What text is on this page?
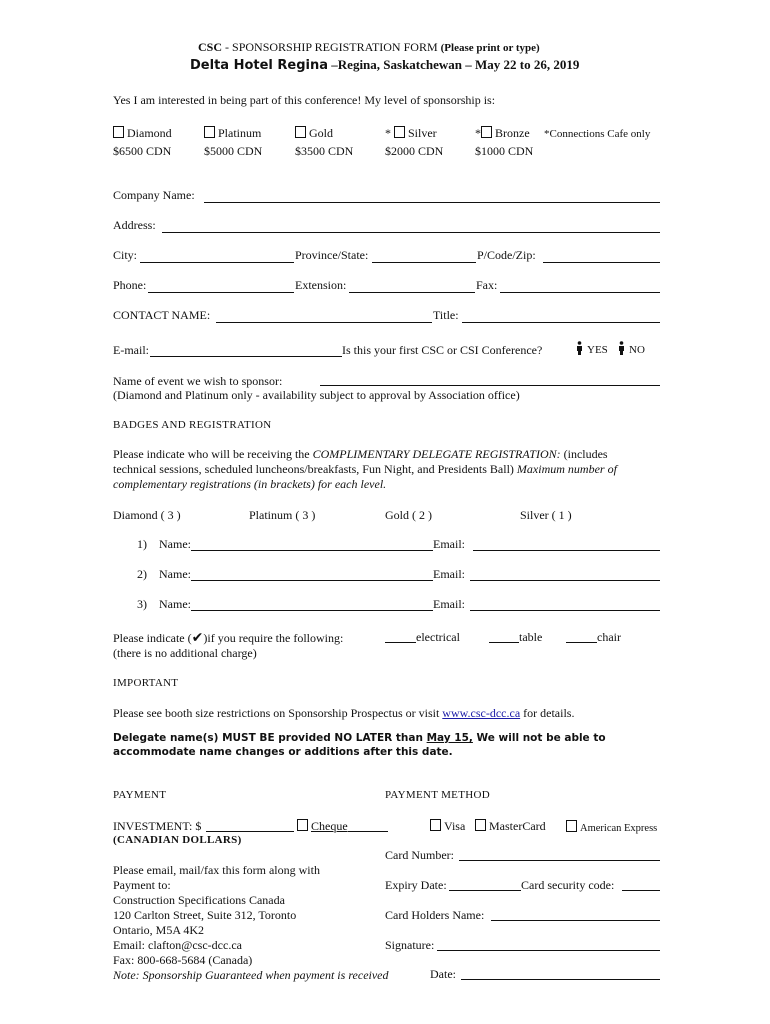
CSC - SPONSORSHIP REGISTRATION FORM (Please print or type)
Delta Hotel Regina –Regina, Saskatchewan – May 22 to 26, 2019
Yes I am interested in being part of this conference! My level of sponsorship is:
Diamond
$6500 CDN
Platinum
$5000 CDN
Gold
$3500 CDN
* Silver
$2000 CDN
* Bronze
$1000 CDN
*Connections Cafe only
Company Name:
Address:
City:	Province/State:	P/Code/Zip:
Phone:	Extension:	Fax:
CONTACT NAME:	Title:
E-mail:	Is this your first CSC or CSI Conference?	YES	NO
Name of event we wish to sponsor:
(Diamond and Platinum only - availability subject to approval by Association office)
BADGES AND REGISTRATION
Please indicate who will be receiving the COMPLIMENTARY DELEGATE REGISTRATION: (includes
technical sessions, scheduled luncheons/breakfasts, Fun Night, and Presidents Ball) Maximum number of
complementary registrations (in brackets) for each level.
Diamond ( 3 )	Platinum ( 3 )	Gold ( 2 )	Silver ( 1 )
1) Name:	Email:
2) Name:	Email:
3) Name:	Email:
Please indicate (✔)if you require the following:	electrical	table	chair
(there is no additional charge)
IMPORTANT
Please see booth size restrictions on Sponsorship Prospectus or visit www.csc-dcc.ca for details.
Delegate name(s) MUST BE provided NO LATER than May 15, We will not be able to
accommodate name changes or additions after this date.
PAYMENT	PAYMENT METHOD
INVESTMENT: $	Cheque
(CANADIAN DOLLARS)
Visa	MasterCard	American Express
Card Number:
Expiry Date:	Card security code:
Card Holders Name:
Signature:
Date:
Please email, mail/fax this form along with
Payment to:
Construction Specifications Canada
120 Carlton Street, Suite 312, Toronto
Ontario, M5A 4K2
Email: clafton@csc-dcc.ca
Fax: 800-668-5684 (Canada)
Note: Sponsorship Guaranteed when payment is received
